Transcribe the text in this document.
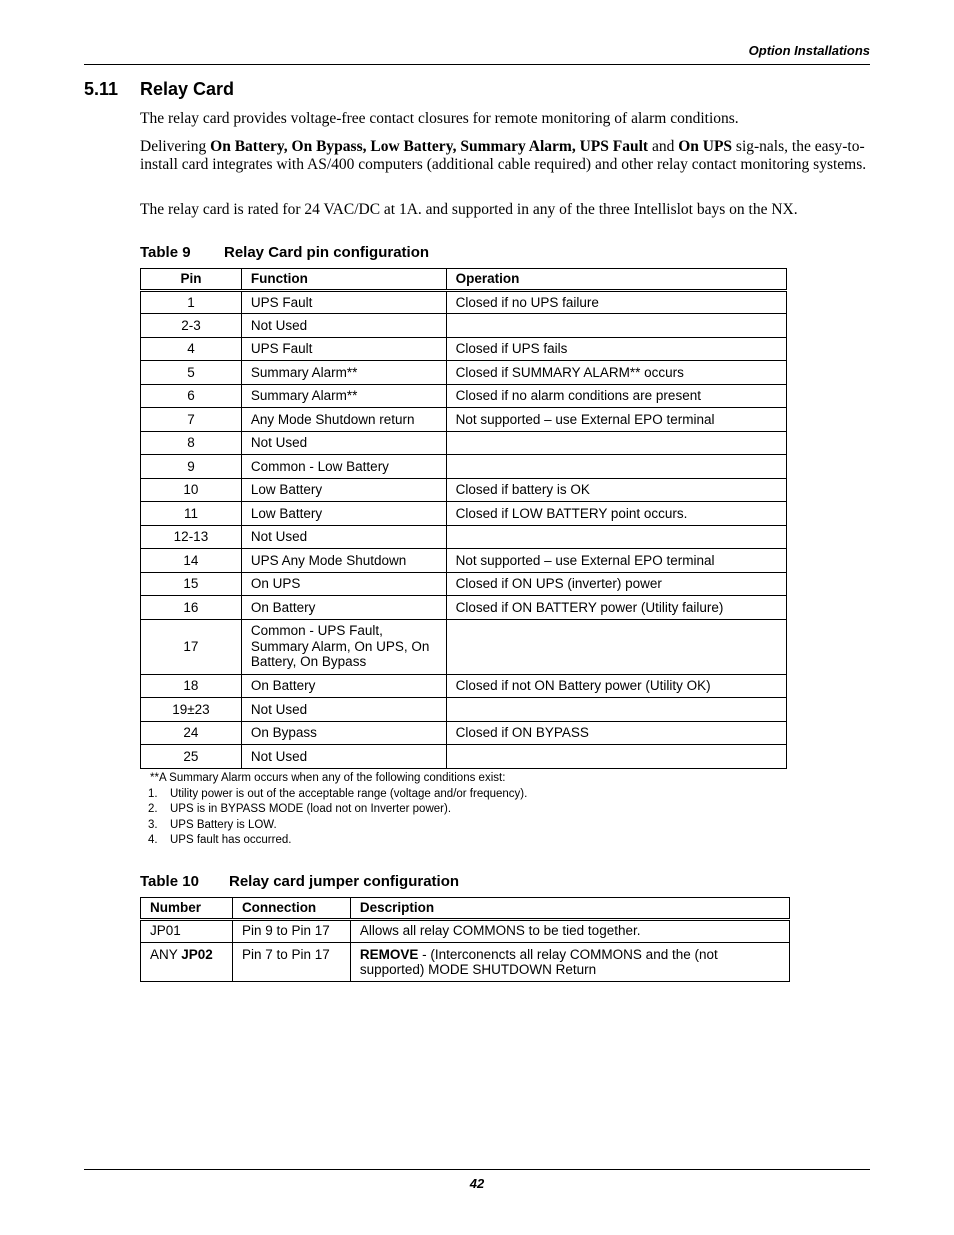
Option Installations
5.11 Relay Card

The relay card provides voltage-free contact closures for remote monitoring of alarm conditions.

Delivering On Battery, On Bypass, Low Battery, Summary Alarm, UPS Fault and On UPS sig-nals, the easy-to-install card integrates with AS/400 computers (additional cable required) and other relay contact monitoring systems.

The relay card is rated for 24 VAC/DC at 1A. and supported in any of the three Intellislot bays on the NX.

Table 9 Relay Card pin configuration
Pin	Function	Operation
1	UPS Fault	Closed if no UPS failure
2-3	Not Used	
4	UPS Fault	Closed if UPS fails
5	Summary Alarm**	Closed if SUMMARY ALARM** occurs
6	Summary Alarm**	Closed if no alarm conditions are present
7	Any Mode Shutdown return	Not supported – use External EPO terminal
8	Not Used	
9	Common - Low Battery	
10	Low Battery	Closed if battery is OK
11	Low Battery	Closed if LOW BATTERY point occurs.
12-13	Not Used	
14	UPS Any Mode Shutdown	Not supported – use External EPO terminal
15	On UPS	Closed if ON UPS (inverter) power
16	On Battery	Closed if ON BATTERY power (Utility failure)
17	Common - UPS Fault, Summary Alarm, On UPS, On Battery, On Bypass	
18	On Battery	Closed if not ON Battery power (Utility OK)
19±23	Not Used	
24	On Bypass	Closed if ON BYPASS
25	Not Used	
**A Summary Alarm occurs when any of the following conditions exist:
1. Utility power is out of the acceptable range (voltage and/or frequency).
2. UPS is in BYPASS MODE (load not on Inverter power).
3. UPS Battery is LOW.
4. UPS fault has occurred.
Table 10 Relay card jumper configuration
Number	Connection	Description
JP01	Pin 9 to Pin 17	Allows all relay COMMONS to be tied together.
ANY JP02	Pin 7 to Pin 17	REMOVE - (Interconencts all relay COMMONS and the (not supported) MODE SHUTDOWN Return
42
